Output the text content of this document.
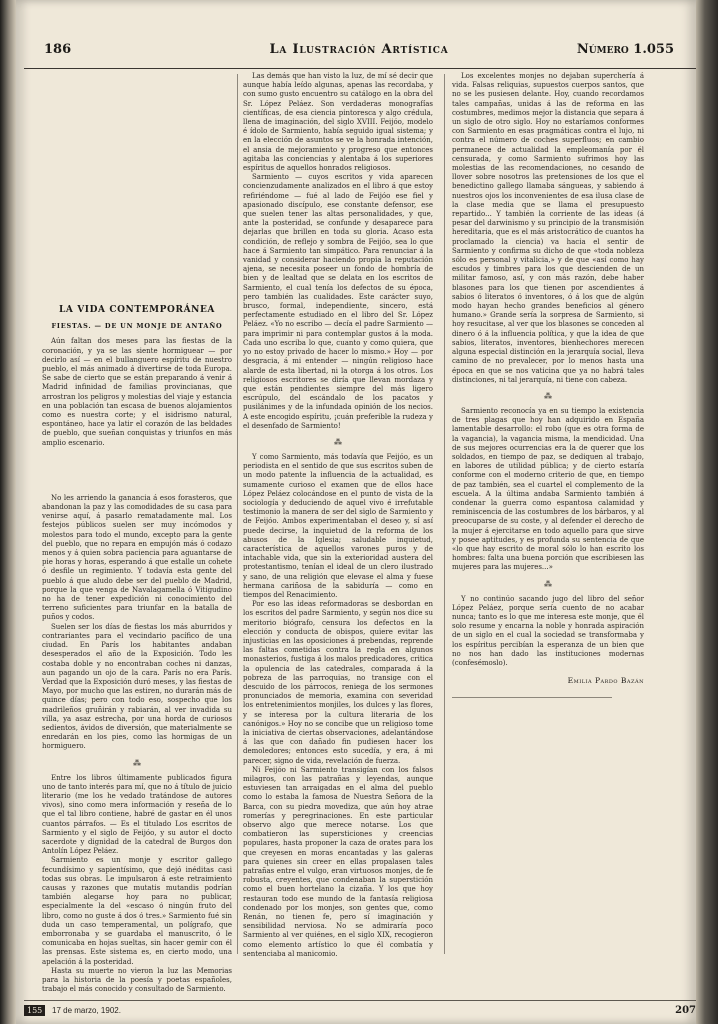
186	La Ilustración Artística	Número 1.055
LA VIDA CONTEMPORÁNEA
FIESTAS. — DE UN MONJE DE ANTAÑO

Aún faltan dos meses para las fiestas de la coronación, y ya se las siente hormiguear — por decirlo así — en el bullanguero espíritu de nuestro pueblo, el más animado á divertirse de toda Europa. Se sabe de cierto que se están preparando á venir á Madrid infinidad de familias provincianas, que arrostran los peligros y molestias del viaje y estancia en una población tan escasa de buenos alojamientos como es nuestra corte; y el isidrismo natural, espontáneo, hace ya latir el corazón de las beldades de pueblo, que sueñan conquistas y triunfos en más amplio escenario.

No les arriendo la ganancia á esos forasteros, que abandonan la paz y las comodidades de su casa para venirse aquí, á pasarlo rematadamente mal. Los festejos públicos suelen ser muy incómodos y molestos para todo el mundo, excepto para la gente del pueblo, que no repara en empujón más ó codazo menos y á quien sobra paciencia para aguantarse de pie horas y horas, esperando á que estalle un cohete ó desfile un regimiento. Y todavía esta gente del pueblo á que aludo debe ser del pueblo de Madrid, porque la que venga de Navalagamella ó Vitigudino no ha de tener expedición ni conocimiento del terreno suficientes para triunfar en la batalla de puños y codos.

Suelen ser los días de fiestas los más aburridos y contrariantes para el vecindario pacífico de una ciudad. En París los habitantes andaban desesperados el año de la Exposición. Todo les costaba doble y no encontraban coches ni danzas, aun pagando un ojo de la cara. París no era París. Verdad que la Exposición duró meses, y las fiestas de Mayo, por mucho que las estiren, no durarán más de quince días; pero con todo eso, sospecho que los madrileños gruñirán y rabiarán, al ver invadida su villa, ya asaz estrecha, por una horda de curiosos sedientos, ávidos de diversión, que materialmente se enredarán en los pies, como las hormigas de un hormiguero.

⁂

Entre los libros últimamente publicados figura uno de tanto interés para mí, que no á título de juicio literario (me los he vedado tratándose de autores vivos), sino como mera información y reseña de lo que el tal libro contiene, habré de gastar en él unos cuantos párrafos. — Es el titulado Los escritos de Sarmiento y el siglo de Feijóo, y su autor el docto sacerdote y dignidad de la catedral de Burgos don Antolín López Peláez.

Sarmiento es un monje y escritor gallego fecundísimo y sapientísimo, que dejó inéditas casi todas sus obras. Le impulsaron á este retraimiento causas y razones que mutatis mutandis podrían también alegarse hoy para no publicar, especialmente la del «escaso ó ningún fruto del libro, como no guste á dos ó tres.» Sarmiento fué sin duda un caso temperamental, un polígrafo, que emborronaba y se guardaba el manuscrito, ó le comunicaba en hojas sueltas, sin hacer gemir con él las prensas. Este sistema es, en cierto modo, una apelación á la posteridad.

Hasta su muerte no vieron la luz las Memorias para la historia de la poesía y poetas españoles, trabajo el más conocido y consultado de Sarmiento.

Las demás que han visto la luz, de mí sé decir que aunque había leído algunas, apenas las recordaba, y con sumo gusto encuentro su catálogo en la obra del Sr. López Peláez. Son verdaderas monografías científicas, de esa ciencia pintoresca y algo crédula, llena de imaginación, del siglo XVIII. Feijóo, modelo é ídolo de Sarmiento, había seguido igual sistema; y en la elección de asuntos se ve la honrada intención, el ansia de mejoramiento y progreso que entonces agitaba las conciencias y alentaba á los superiores espíritus de aquellos honrados religiosos.

Sarmiento — cuyos escritos y vida aparecen concienzudamente analizados en el libro á que estoy refiriéndome — fué al lado de Feijóo ese fiel y apasionado discípulo, ese constante defensor, ese que suelen tener las altas personalidades, y que, ante la posteridad, se confunde y desaparece para dejarlas que brillen en toda su gloria. Acaso esta condición, de reflejo y sombra de Feijóo, sea lo que hace á Sarmiento tan simpático. Para renunciar á la vanidad y considerar haciendo propia la reputación ajena, se necesita poseer un fondo de hombría de bien y de lealtad que se delata en los escritos de Sarmiento, el cual tenía los defectos de su época, pero también las cualidades. Este carácter suyo, brusco, formal, independiente, sincero, está perfectamente estudiado en el libro del Sr. López Peláez. «Yo no escribo — decía el padre Sarmiento — para imprimir ni para contemplar gustos á la moda. Cada uno escriba lo que, cuanto y como quiera, que yo no estoy privado de hacer lo mismo.» Hoy — por desgracia, á mi entender — ningún religioso hace alarde de esta libertad, ni la otorga á los otros. Los religiosos escritores se diría que llevan mordaza y que están pendientes siempre del más ligero escrúpulo, del escándalo de los pacatos y pusilánimes y de la infundada opinión de los necios. A este encogido espíritu, ¡cuán preferible la rudeza y el desenfado de Sarmiento!

⁂

Y como Sarmiento, más todavía que Feijóo, es un periodista en el sentido de que sus escritos suben de un modo patente la influencia de la actualidad, es sumamente curioso el examen que de ellos hace López Peláez colocándose en el punto de vista de la sociología y deduciendo de aquel vivo é irrefutable testimonio la manera de ser del siglo de Sarmiento y de Feijóo. Ambos experimentaban el deseo y, sí así puede decirse, la inquietud de la reforma de los abusos de la Iglesia; saludable inquietud, característica de aquellos varones puros y de intachable vida, que sin la exterioridad austera del protestantismo, tenían el ideal de un clero ilustrado y sano, de una religión que elevase el alma y fuese hermana cariñosa de la sabiduría — como en tiempos del Renacimiento.

Por eso las ideas reformadoras se desbordan en los escritos del padre Sarmiento, y según nos dice su meritorio biógrafo, censura los defectos en la elección y conducta de obispos, quiere evitar las injusticias en las oposiciones á prebendas, reprende las faltas cometidas contra la regla en algunos monasterios, fustiga á los malos predicadores, critica la opulencia de las catedrales, comparada á la pobreza de las parroquias, no transige con el descuido de los párrocos, reniega de los sermones pronunciados de memoria, examina con severidad los entretenimientos monjiles, los dulces y las flores, y se interesa por la cultura literaria de los canónigos.» Hoy no se concibe que un religioso tome la iniciativa de ciertas observaciones, adelantándose á las que con dañado fin pudiesen hacer los demoledores; entonces esto sucedía, y era, á mi parecer, signo de vida, revelación de fuerza.

Ni Feijóo ni Sarmiento transigían con los falsos milagros, con las patrañas y leyendas, aunque estuviesen tan arraigadas en el alma del pueblo como lo estaba la famosa de Nuestra Señora de la Barca, con su piedra movediza, que aún hoy atrae romerías y peregrinaciones. En este particular observo algo que merece notarse. Los que combatieron las supersticiones y creencias populares, hasta proponer la caza de orates para los que creyesen en moras encantadas y las galeras para quienes sin creer en ellas propalasen tales patrañas entre el vulgo, eran virtuosos monjes, de fe robusta, creyentes, que condenaban la superstición como el buen hortelano la cizaña. Y los que hoy restauran todo ese mundo de la fantasía religiosa condenado por los monjes, son gentes que, como Renán, no tienen fe, pero sí imaginación y sensibilidad nerviosa. No se admiraría poco Sarmiento al ver quiénes, en el siglo XIX, recogieron como elemento artístico lo que él combatía y sentenciaba al manicomio.

Los excelentes monjes no dejaban superchería á vida. Falsas reliquias, supuestos cuerpos santos, que no se les pusiesen delante. Hoy, cuando recordamos tales campañas, unidas á las de reforma en las costumbres, medimos mejor la distancia que separa á un siglo de otro siglo. Hoy no estaríamos conformes con Sarmiento en esas pragmáticas contra el lujo, ni contra el número de coches superfluos; en cambio permanece de actualidad la empleomanía por él censurada, y como Sarmiento sufrimos hoy las molestias de las recomendaciones, no cesando de llover sobre nosotros las pretensiones de los que el benedictino gallego llamaba sángueas, y sabiendo á nuestros ojos los inconvenientes de esa ilusa clase de la clase media que se llama el presupuesto repartido... Y también la corriente de las ideas (á pesar del darwinismo y su principio de la transmisión hereditaria, que es el más aristocrático de cuantos ha proclamado la ciencia) va hacia el sentir de Sarmiento y confirma su dicho de que «toda nobleza sólo es personal y vitalicia,» y de que «así como hay escudos y timbres para los que descienden de un militar famoso, así, y con más razón, debe haber blasones para los que tienen por ascendientes á sabios ó literatos ó inventores, ó á los que de algún modo hayan hecho grandes beneficios al género humano.» Grande sería la sorpresa de Sarmiento, si hoy resucitase, al ver que los blasones se conceden al dinero ó á la influencia política, y que la idea de que sabios, literatos, inventores, bienhechores merecen alguna especial distinción en la jerarquía social, lleva camino de no prevalecer, por lo menos hasta una época en que se nos vaticina que ya no habrá tales distinciones, ni tal jerarquía, ni tiene con cabeza.

⁂

Sarmiento reconocía ya en su tiempo la existencia de tres plagas que hoy han adquirido en España lamentable desarrollo: el robo (que es otra forma de la vagancia), la vagancia misma, la mendicidad. Una de sus mejores ocurrencias era la de querer que los soldados, en tiempo de paz, se dediquen al trabajo, en labores de utilidad pública; y de cierto estaría conforme con el moderno criterio de que, en tiempo de paz también, sea el cuartel el complemento de la escuela. A la última andaba Sarmiento también á condenar la guerra como espantosa calamidad y reminiscencia de las costumbres de los bárbaros, y al preocuparse de su coste, y al defender el derecho de la mujer á ejercitarse en todo aquello para que sirve y posee aptitudes, y es profunda su sentencia de que «lo que hay escrito de moral sólo lo han escrito los hombres: falta una buena porción que escribiesen las mujeres para las mujeres...»

⁂

Y no continúo sacando jugo del libro del señor López Peláez, porque sería cuento de no acabar nunca; tanto es lo que me interesa este monje, que él solo resume y encarna la noble y honrada aspiración de un siglo en el cual la sociedad se transformaba y los espíritus percibían la esperanza de un bien que no nos han dado las instituciones modernas (confesémoslo).

Emilia Pardo Bazán
155	17 de marzo, 1902.	207
